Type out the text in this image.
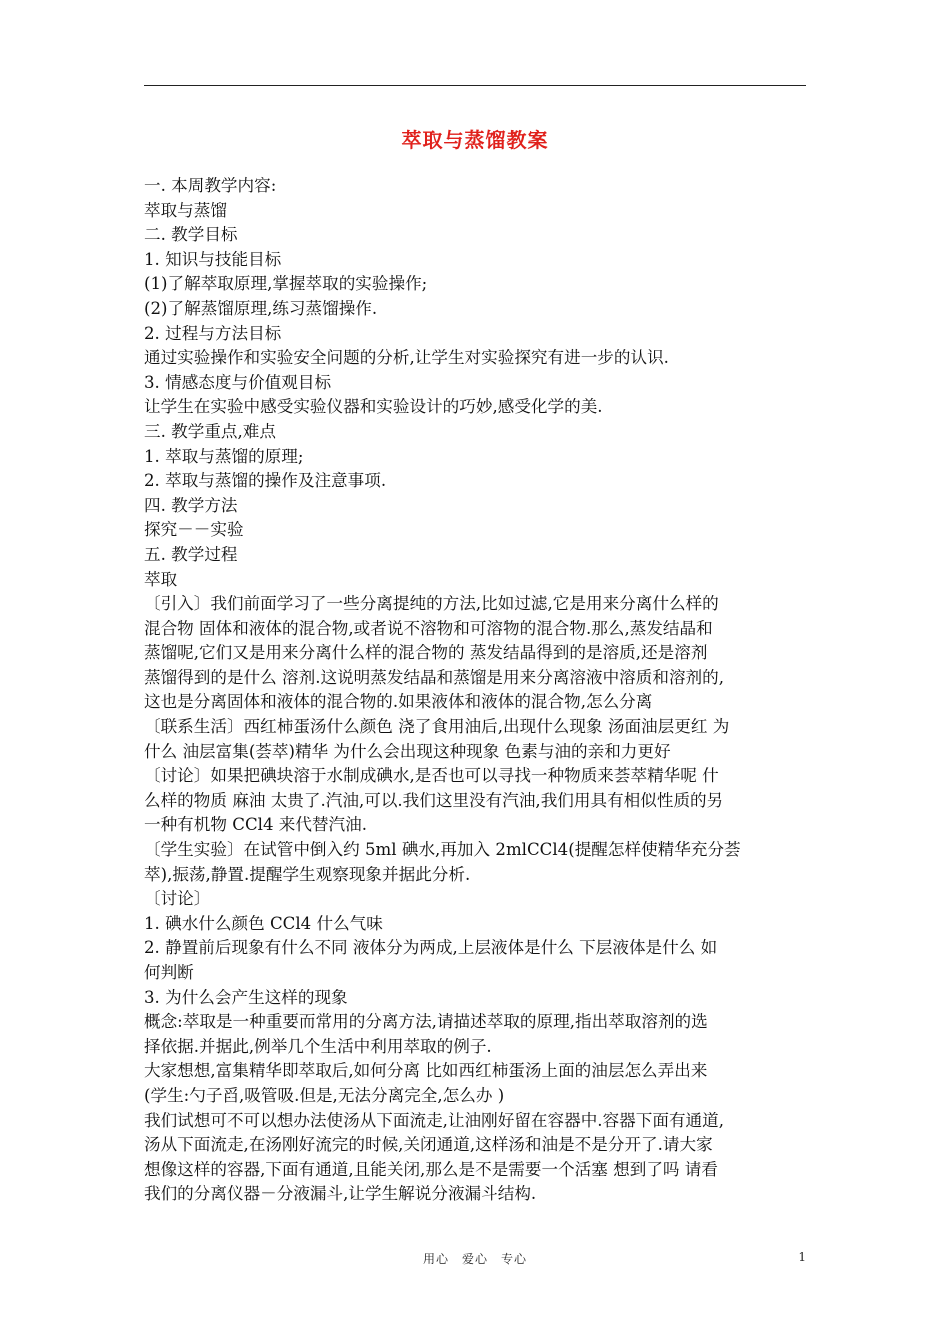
萃取与蒸馏教案
一. 本周教学内容:
萃取与蒸馏
二. 教学目标
1. 知识与技能目标
(1)了解萃取原理,掌握萃取的实验操作;
(2)了解蒸馏原理,练习蒸馏操作.
2. 过程与方法目标
通过实验操作和实验安全问题的分析,让学生对实验探究有进一步的认识.
3. 情感态度与价值观目标
让学生在实验中感受实验仪器和实验设计的巧妙,感受化学的美.
三. 教学重点,难点
1. 萃取与蒸馏的原理;
2. 萃取与蒸馏的操作及注意事项.
四. 教学方法
探究－－实验
五. 教学过程
萃取
〔引入〕我们前面学习了一些分离提纯的方法,比如过滤,它是用来分离什么样的
混合物 固体和液体的混合物,或者说不溶物和可溶物的混合物.那么,蒸发结晶和
蒸馏呢,它们又是用来分离什么样的混合物的 蒸发结晶得到的是溶质,还是溶剂
蒸馏得到的是什么 溶剂.这说明蒸发结晶和蒸馏是用来分离溶液中溶质和溶剂的,
这也是分离固体和液体的混合物的.如果液体和液体的混合物,怎么分离
〔联系生活〕西红柿蛋汤什么颜色 浇了食用油后,出现什么现象 汤面油层更红 为
什么 油层富集(荟萃)精华 为什么会出现这种现象 色素与油的亲和力更好
〔讨论〕如果把碘块溶于水制成碘水,是否也可以寻找一种物质来荟萃精华呢 什
么样的物质 麻油 太贵了.汽油,可以.我们这里没有汽油,我们用具有相似性质的另
一种有机物 CCl4 来代替汽油.
〔学生实验〕在试管中倒入约 5ml 碘水,再加入 2mlCCl4(提醒怎样使精华充分荟
萃),振荡,静置.提醒学生观察现象并据此分析.
〔讨论〕
1. 碘水什么颜色 CCl4 什么气味
2. 静置前后现象有什么不同 液体分为两成,上层液体是什么 下层液体是什么 如
何判断
3. 为什么会产生这样的现象
概念:萃取是一种重要而常用的分离方法,请描述萃取的原理,指出萃取溶剂的选
择依据.并据此,例举几个生活中利用萃取的例子.
大家想想,富集精华即萃取后,如何分离 比如西红柿蛋汤上面的油层怎么弄出来
(学生:勺子舀,吸管吸.但是,无法分离完全,怎么办 )
我们试想可不可以想办法使汤从下面流走,让油刚好留在容器中.容器下面有通道,
汤从下面流走,在汤刚好流完的时候,关闭通道,这样汤和油是不是分开了.请大家
想像这样的容器,下面有通道,且能关闭,那么是不是需要一个活塞 想到了吗 请看
我们的分离仪器－分液漏斗,让学生解说分液漏斗结构.
用心　爱心　专心	1
